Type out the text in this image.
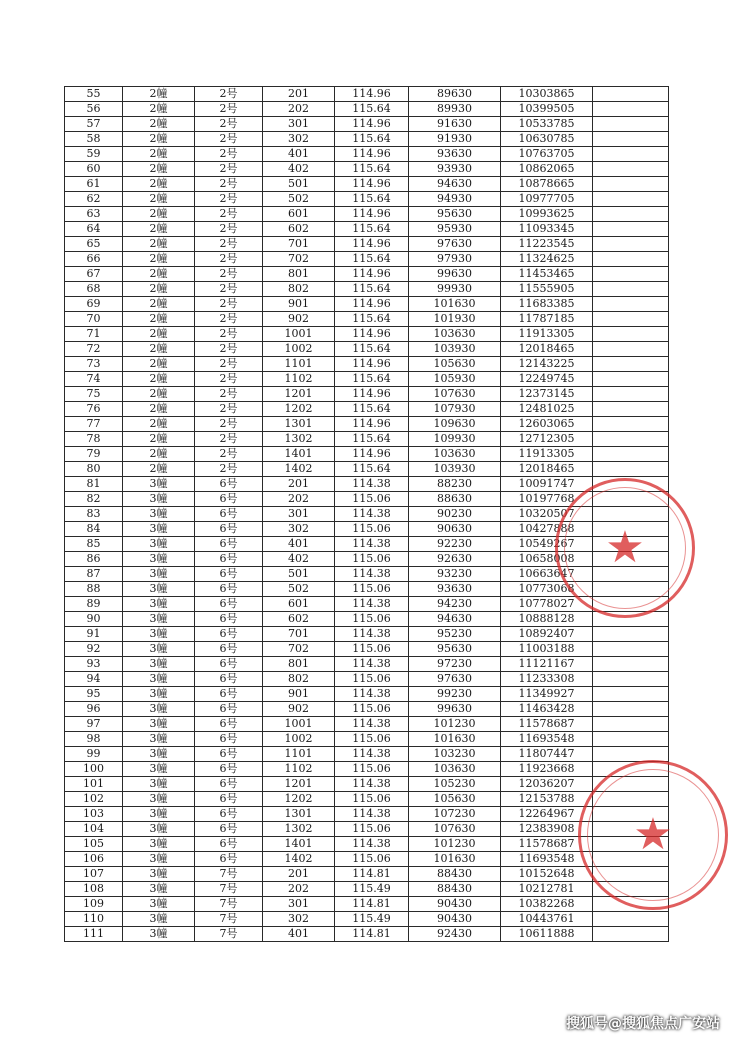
55	2幢	2号	201	114.96	89630	10303865	
56	2幢	2号	202	115.64	89930	10399505	
57	2幢	2号	301	114.96	91630	10533785	
58	2幢	2号	302	115.64	91930	10630785	
59	2幢	2号	401	114.96	93630	10763705	
60	2幢	2号	402	115.64	93930	10862065	
61	2幢	2号	501	114.96	94630	10878665	
62	2幢	2号	502	115.64	94930	10977705	
63	2幢	2号	601	114.96	95630	10993625	
64	2幢	2号	602	115.64	95930	11093345	
65	2幢	2号	701	114.96	97630	11223545	
66	2幢	2号	702	115.64	97930	11324625	
67	2幢	2号	801	114.96	99630	11453465	
68	2幢	2号	802	115.64	99930	11555905	
69	2幢	2号	901	114.96	101630	11683385	
70	2幢	2号	902	115.64	101930	11787185	
71	2幢	2号	1001	114.96	103630	11913305	
72	2幢	2号	1002	115.64	103930	12018465	
73	2幢	2号	1101	114.96	105630	12143225	
74	2幢	2号	1102	115.64	105930	12249745	
75	2幢	2号	1201	114.96	107630	12373145	
76	2幢	2号	1202	115.64	107930	12481025	
77	2幢	2号	1301	114.96	109630	12603065	
78	2幢	2号	1302	115.64	109930	12712305	
79	2幢	2号	1401	114.96	103630	11913305	
80	2幢	2号	1402	115.64	103930	12018465	
81	3幢	6号	201	114.38	88230	10091747	
82	3幢	6号	202	115.06	88630	10197768	
83	3幢	6号	301	114.38	90230	10320507	
84	3幢	6号	302	115.06	90630	10427888	
85	3幢	6号	401	114.38	92230	10549267	
86	3幢	6号	402	115.06	92630	10658008	
87	3幢	6号	501	114.38	93230	10663647	
88	3幢	6号	502	115.06	93630	10773068	
89	3幢	6号	601	114.38	94230	10778027	
90	3幢	6号	602	115.06	94630	10888128	
91	3幢	6号	701	114.38	95230	10892407	
92	3幢	6号	702	115.06	95630	11003188	
93	3幢	6号	801	114.38	97230	11121167	
94	3幢	6号	802	115.06	97630	11233308	
95	3幢	6号	901	114.38	99230	11349927	
96	3幢	6号	902	115.06	99630	11463428	
97	3幢	6号	1001	114.38	101230	11578687	
98	3幢	6号	1002	115.06	101630	11693548	
99	3幢	6号	1101	114.38	103230	11807447	
100	3幢	6号	1102	115.06	103630	11923668	
101	3幢	6号	1201	114.38	105230	12036207	
102	3幢	6号	1202	115.06	105630	12153788	
103	3幢	6号	1301	114.38	107230	12264967	
104	3幢	6号	1302	115.06	107630	12383908	
105	3幢	6号	1401	114.38	101230	11578687	
106	3幢	6号	1402	115.06	101630	11693548	
107	3幢	7号	201	114.81	88430	10152648	
108	3幢	7号	202	115.49	88430	10212781	
109	3幢	7号	301	114.81	90430	10382268	
110	3幢	7号	302	115.49	90430	10443761	
111	3幢	7号	401	114.81	92430	10611888	
★
★
搜狐号@搜狐焦点广安站
